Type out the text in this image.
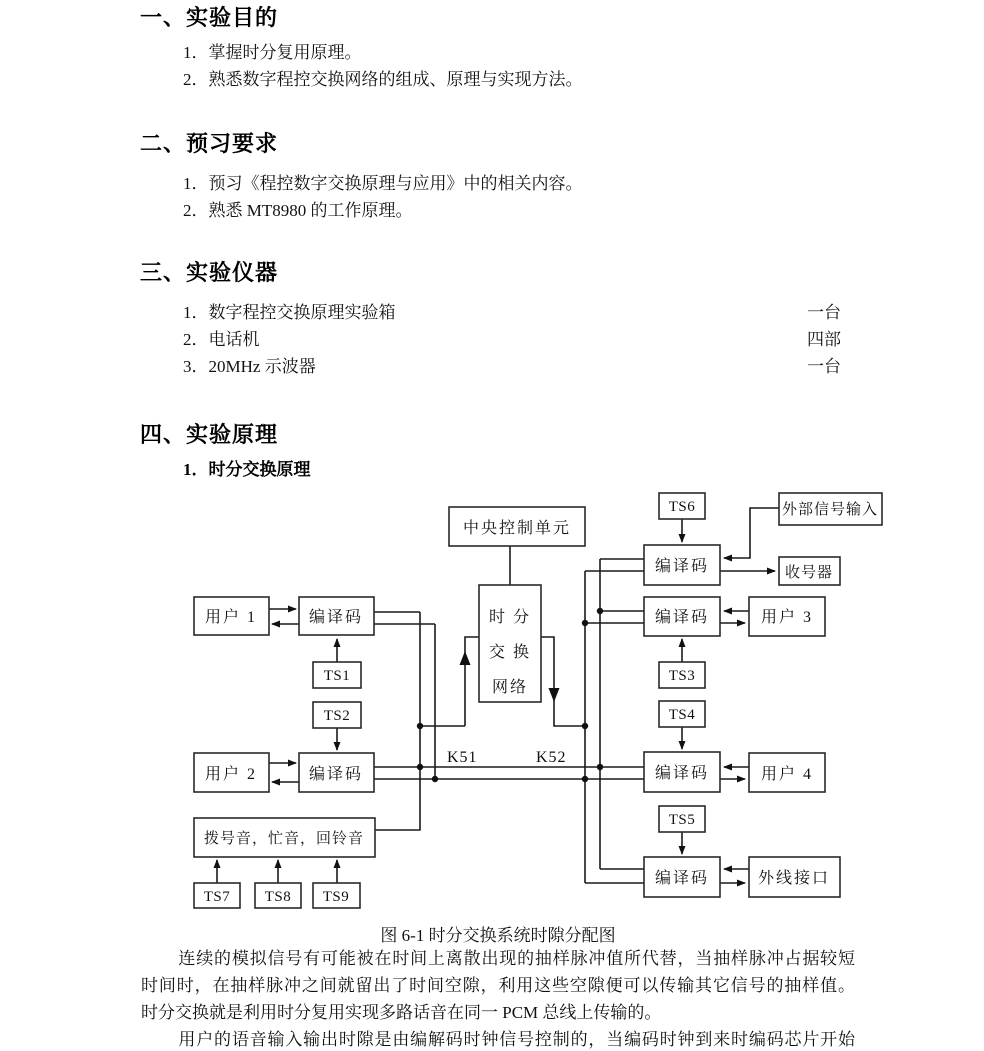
一、实验目的
1．掌握时分复用原理。
2．熟悉数字程控交换网络的组成、原理与实现方法。
二、预习要求
1．预习《程控数字交换原理与应用》中的相关内容。
2．熟悉 MT8980 的工作原理。
三、实验仪器
1．数字程控交换原理实验箱	一台
2．电话机	四部
3．20MHz 示波器	一台
四、实验原理
1．时分交换原理
中央控制单元
时 分
交 换
网络
用户 1	编译码
TS1
TS2
用户 2	编译码
拨号音，忙音，回铃音
TS7 TS8 TS9
TS6	外部信号输入
编译码	收号器
编译码	用户 3
TS3
TS4
编译码	用户 4
TS5
编译码	外线接口
K51	K52
图 6-1 时分交换系统时隙分配图
连续的模拟信号有可能被在时间上离散出现的抽样脉冲值所代替，当抽样脉冲占据较短
时间时，在抽样脉冲之间就留出了时间空隙，利用这些空隙便可以传输其它信号的抽样值。
时分交换就是利用时分复用实现多路话音在同一 PCM 总线上传输的。
用户的语音输入输出时隙是由编解码时钟信号控制的，当编码时钟到来时编码芯片开始
